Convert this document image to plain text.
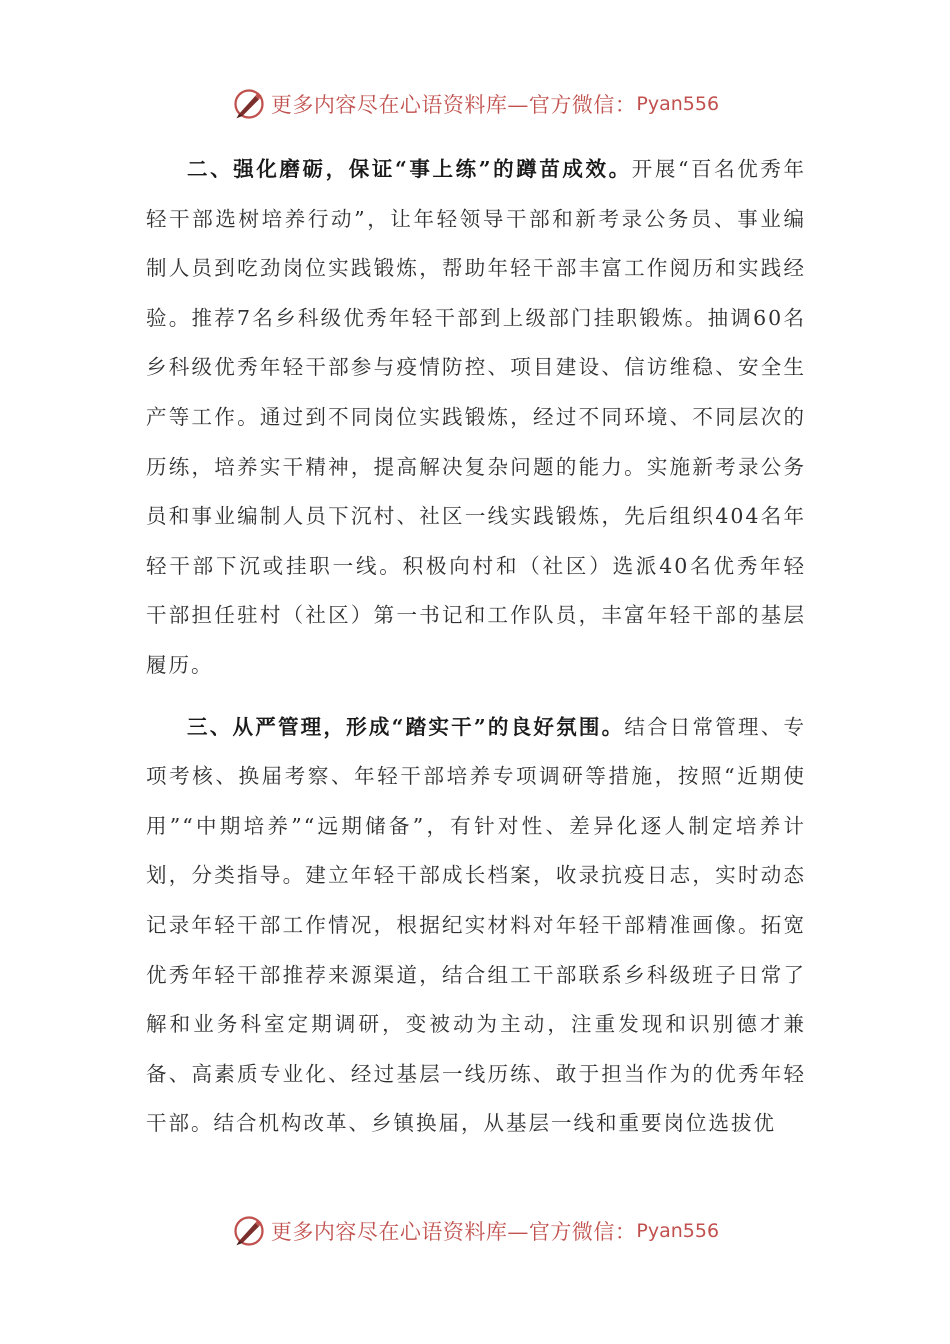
更多内容尽在心语资料库—官方微信： Pyan556

二、强化磨砺，保证“事上练”的蹲苗成效。开展“百名优秀年轻干部选树培养行动”，让年轻领导干部和新考录公务员、事业编制人员到吃劲岗位实践锻炼，帮助年轻干部丰富工作阅历和实践经验。推荐7名乡科级优秀年轻干部到上级部门挂职锻炼。抽调60名乡科级优秀年轻干部参与疫情防控、项目建设、信访维稳、安全生产等工作。通过到不同岗位实践锻炼，经过不同环境、不同层次的历练，培养实干精神，提高解决复杂问题的能力。实施新考录公务员和事业编制人员下沉村、社区一线实践锻炼，先后组织404名年轻干部下沉或挂职一线。积极向村和（社区）选派40名优秀年轻干部担任驻村（社区）第一书记和工作队员，丰富年轻干部的基层履历。

三、从严管理，形成“踏实干”的良好氛围。结合日常管理、专项考核、换届考察、年轻干部培养专项调研等措施，按照“近期使用”“中期培养”“远期储备”，有针对性、差异化逐人制定培养计划，分类指导。建立年轻干部成长档案，收录抗疫日志，实时动态记录年轻干部工作情况，根据纪实材料对年轻干部精准画像。拓宽优秀年轻干部推荐来源渠道，结合组工干部联系乡科级班子日常了解和业务科室定期调研，变被动为主动，注重发现和识别德才兼备、高素质专业化、经过基层一线历练、敢于担当作为的优秀年轻干部。结合机构改革、乡镇换届，从基层一线和重要岗位选拔优

更多内容尽在心语资料库—官方微信： Pyan556
